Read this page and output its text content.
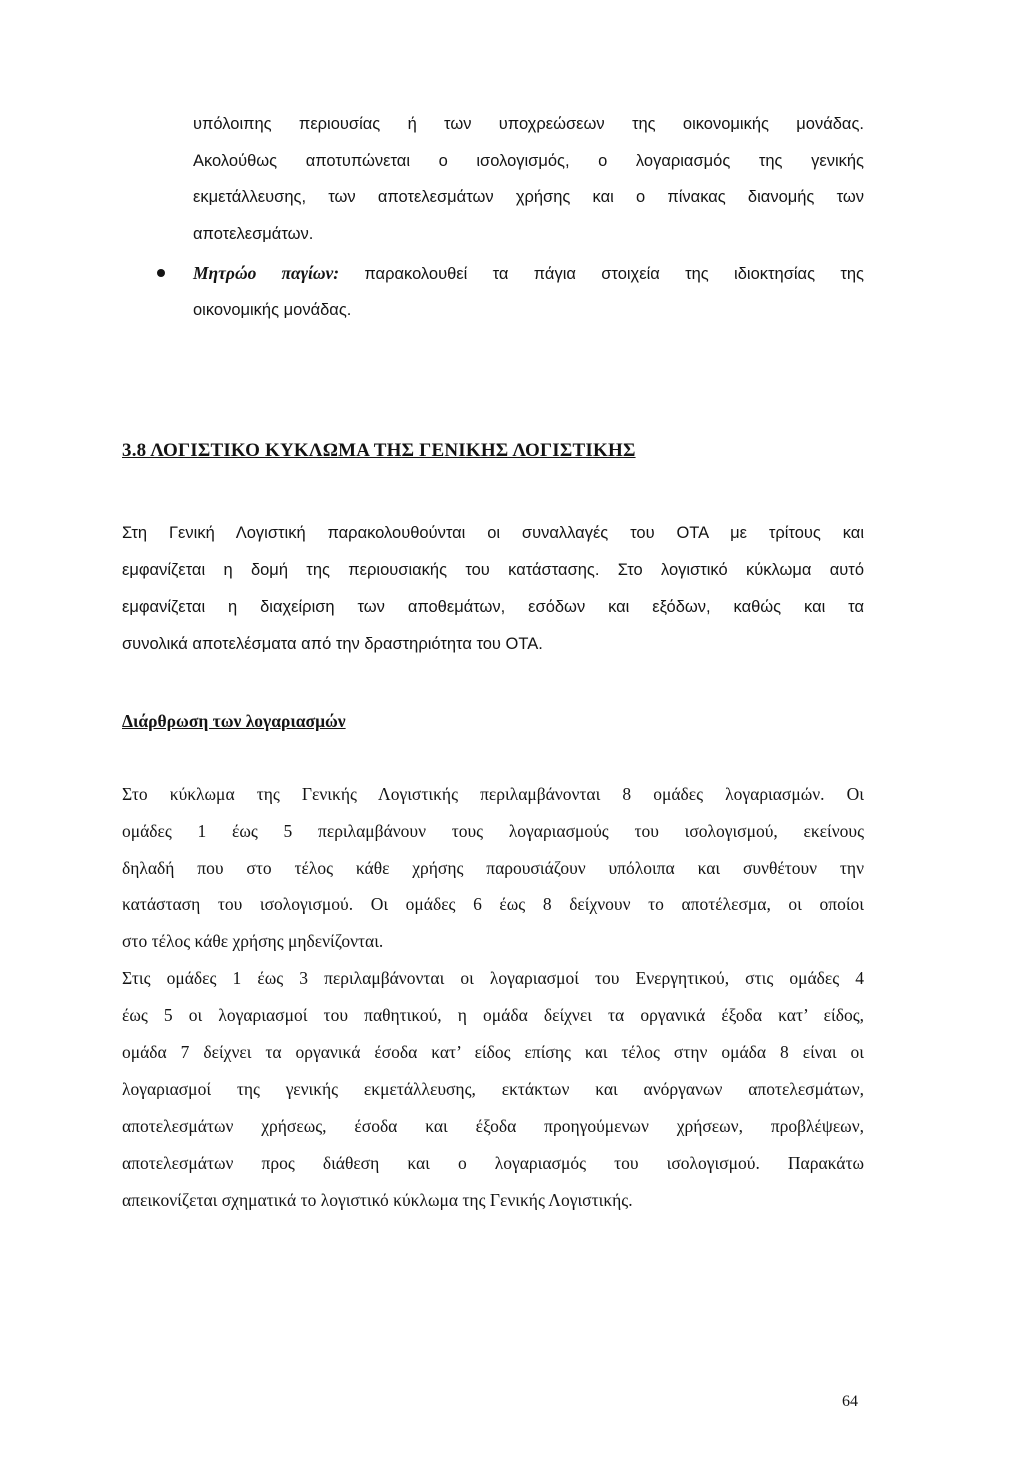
υπόλοιπης περιουσίας ή των υποχρεώσεων της οικονομικής μονάδας.
Ακολούθως αποτυπώνεται ο ισολογισμός, ο λογαριασμός της γενικής
εκμετάλλευσης, των αποτελεσμάτων χρήσης και ο πίνακας διανομής των
αποτελεσμάτων.
Μητρώο παγίων: παρακολουθεί τα πάγια στοιχεία της ιδιοκτησίας της
οικονομικής μονάδας.
3.8 ΛΟΓΙΣΤΙΚΟ ΚΥΚΛΩΜΑ ΤΗΣ ΓΕΝΙΚΗΣ ΛΟΓΙΣΤΙΚΗΣ
Στη Γενική Λογιστική παρακολουθούνται οι συναλλαγές του ΟΤΑ με τρίτους και
εμφανίζεται η δομή της περιουσιακής του κατάστασης. Στο λογιστικό κύκλωμα αυτό
εμφανίζεται η διαχείριση των αποθεμάτων, εσόδων και εξόδων, καθώς και τα
συνολικά αποτελέσματα από την δραστηριότητα του ΟΤΑ.
Διάρθρωση των λογαριασμών
Στο κύκλωμα της Γενικής Λογιστικής περιλαμβάνονται 8 ομάδες λογαριασμών. Οι
ομάδες 1 έως 5 περιλαμβάνουν τους λογαριασμούς του ισολογισμού, εκείνους
δηλαδή που στο τέλος κάθε χρήσης παρουσιάζουν υπόλοιπα και συνθέτουν την
κατάσταση του ισολογισμού. Οι ομάδες 6 έως 8 δείχνουν το αποτέλεσμα, οι οποίοι
στο τέλος κάθε χρήσης μηδενίζονται.
Στις ομάδες 1 έως 3 περιλαμβάνονται οι λογαριασμοί του Ενεργητικού, στις ομάδες 4
έως 5 οι λογαριασμοί του παθητικού, η ομάδα δείχνει τα οργανικά έξοδα κατ’ είδος,
ομάδα 7 δείχνει τα οργανικά έσοδα κατ’ είδος επίσης και τέλος στην ομάδα 8 είναι οι
λογαριασμοί της γενικής εκμετάλλευσης, εκτάκτων και ανόργανων αποτελεσμάτων,
αποτελεσμάτων χρήσεως, έσοδα και έξοδα προηγούμενων χρήσεων, προβλέψεων,
αποτελεσμάτων προς διάθεση και ο λογαριασμός του ισολογισμού. Παρακάτω
απεικονίζεται σχηματικά το λογιστικό κύκλωμα της Γενικής Λογιστικής.
64
